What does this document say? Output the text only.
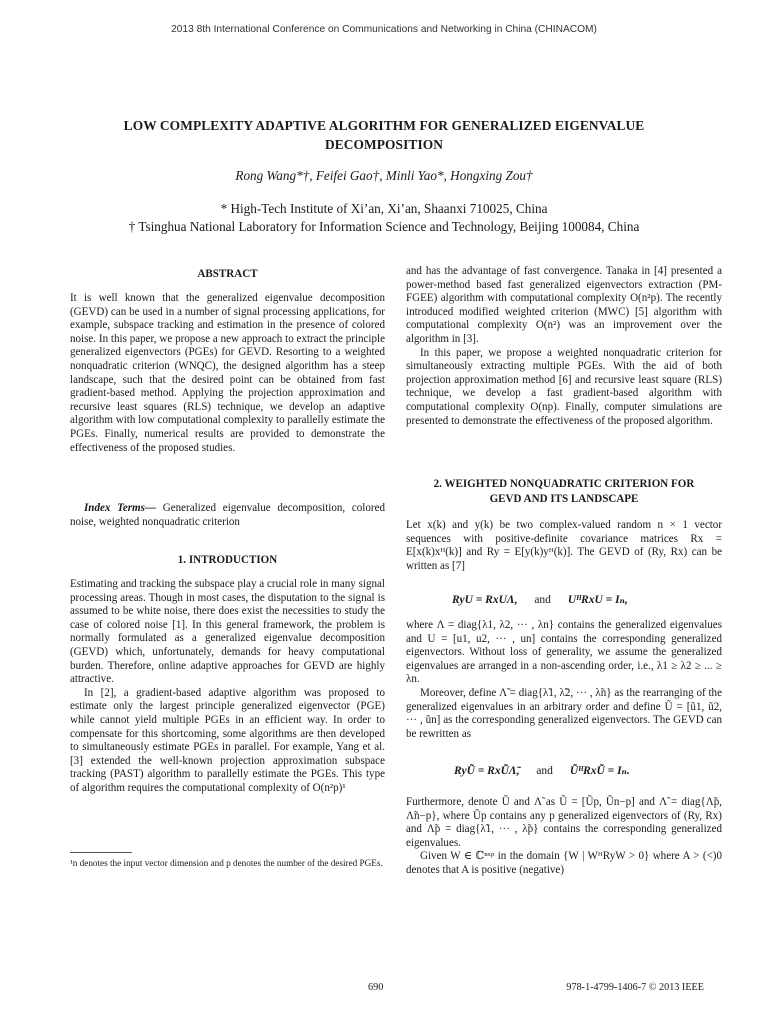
2013 8th International Conference on Communications and Networking in China (CHINACOM)
LOW COMPLEXITY ADAPTIVE ALGORITHM FOR GENERALIZED EIGENVALUE
DECOMPOSITION
Rong Wang*†, Feifei Gao†, Minli Yao*, Hongxing Zou†
* High-Tech Institute of Xi’an, Xi’an, Shaanxi 710025, China
† Tsinghua National Laboratory for Information Science and Technology, Beijing 100084, China
ABSTRACT

It is well known that the generalized eigenvalue decomposition (GEVD) can be used in a number of signal processing applications, for example, subspace tracking and estimation in the presence of colored noise. In this paper, we propose a new approach to extract the principle generalized eigenvectors (PGEs) for GEVD. Resorting to a weighted nonquadratic criterion (WNQC), the designed algorithm has a steep landscape, such that the desired point can be obtained from fast gradient-based method. Applying the projection approximation and recursive least squares (RLS) technique, we develop an adaptive algorithm with low computational complexity to parallelly estimate the PGEs. Finally, numerical results are provided to demonstrate the effectiveness of the proposed studies.

Index Terms— Generalized eigenvalue decomposition, colored noise, weighted nonquadratic criterion

1. INTRODUCTION

Estimating and tracking the subspace play a crucial role in many signal processing areas. Though in most cases, the disputation to the signal is assumed to be white noise, there does exist the necessities to study the case of colored noise [1]. In this general framework, the problem is normally formulated as a generalized eigenvalue decomposition (GEVD) which, unfortunately, demands for heavy computational burden. Therefore, online adaptive approaches for GEVD are highly attractive.

In [2], a gradient-based adaptive algorithm was proposed to estimate only the largest principle generalized eigenvector (PGE) while cannot yield multiple PGEs in an efficient way. In order to compensate for this shortcoming, some algorithms are then developed to simultaneously estimate PGEs in parallel. For example, Yang et al. [3] extended the well-known projection approximation subspace tracking (PAST) algorithm to parallelly estimate the PGEs. This type of algorithm requires the computational complexity of O(n²p)¹

¹n denotes the input vector dimension and p denotes the number of the desired PGEs.

and has the advantage of fast convergence. Tanaka in [4] presented a power-method based fast generalized eigenvectors extraction (PM-FGEE) algorithm with computational complexity O(n²p). The recently introduced modified weighted criterion (MWC) [5] algorithm with computational complexity O(n²) was an improvement over the algorithm in [3].

In this paper, we propose a weighted nonquadratic criterion for simultaneously extracting multiple PGEs. With the aid of both projection approximation method [6] and recursive least square (RLS) technique, we develop a fast gradient-based algorithm with computational complexity O(np). Finally, computer simulations are presented to demonstrate the effectiveness of the proposed algorithm.

2. WEIGHTED NONQUADRATIC CRITERION FOR
GEVD AND ITS LANDSCAPE

Let x(k) and y(k) be two complex-valued random n × 1 vector sequences with positive-definite covariance matrices Rx = E[x(k)xᴴ(k)] and Ry = E[y(k)yᴴ(k)]. The GEVD of (Ry, Rx) can be written as [7]

RyU = RxUΛ, and UᴴRxU = Iₙ,

where Λ = diag{λ1, λ2, ··· , λn} contains the generalized eigenvalues and U = [u1, u2, ··· , un] contains the corresponding generalized eigenvectors. Without loss of generality, we assume the generalized eigenvalues are arranged in a non-ascending order, i.e., λ1 ≥ λ2 ≥ ... ≥ λn.

Moreover, define Λ̃ = diag{λ̃1, λ̃2, ··· , λ̃n} as the rearranging of the generalized eigenvalues in an arbitrary order and define Ũ = [ũ1, ũ2, ··· , ũn] as the corresponding generalized eigenvectors. The GEVD can be rewritten as

RyŨ = RxŨΛ̃, and ŨᴴRxŨ = Iₙ.

Furthermore, denote Ũ and Λ̃ as Ũ = [Ũp, Ũn−p] and Λ̃ = diag{Λ̃p, Λ̃n−p}, where Ũp contains any p generalized eigenvectors of (Ry, Rx) and Λ̃p = diag{λ̃1, ··· , λ̃p} contains the corresponding generalized eigenvalues.

Given W ∈ ℂⁿˣᵖ in the domain {W | WᴴRyW > 0} where A > (<)0 denotes that A is positive (negative)

690	978-1-4799-1406-7 © 2013 IEEE
